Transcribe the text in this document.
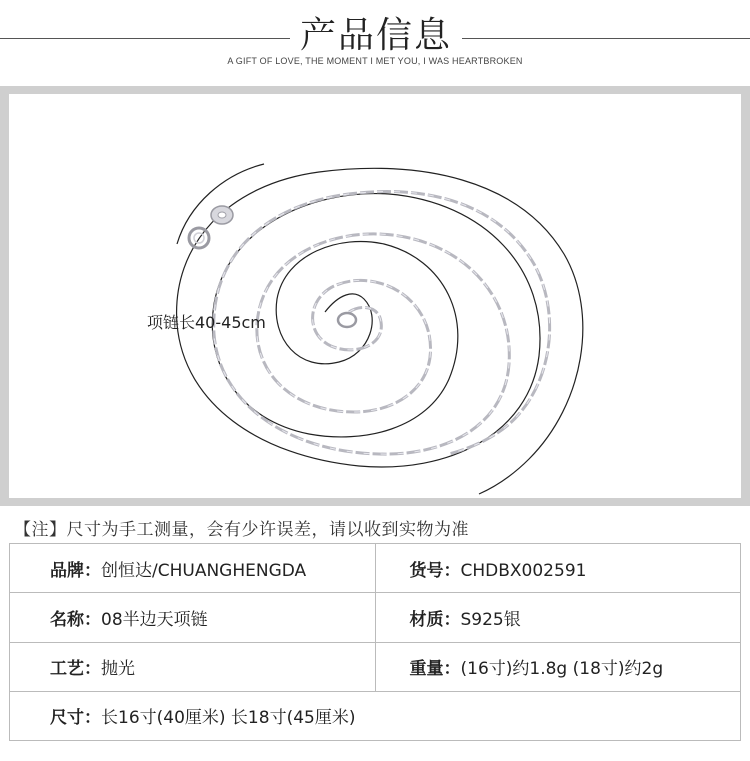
产品信息
A GIFT OF LOVE, THE MOMENT I MET YOU, I WAS HEARTBROKEN
项链长40-45cm
【注】尺寸为手工测量，会有少许误差，请以收到实物为准
品牌：创恒达/CHUANGHENGDA	货号：CHDBX002591
名称：08半边天项链	材质：S925银
工艺：抛光	重量：(16寸)约1.8g (18寸)约2g
尺寸：长16寸(40厘米) 长18寸(45厘米)	
